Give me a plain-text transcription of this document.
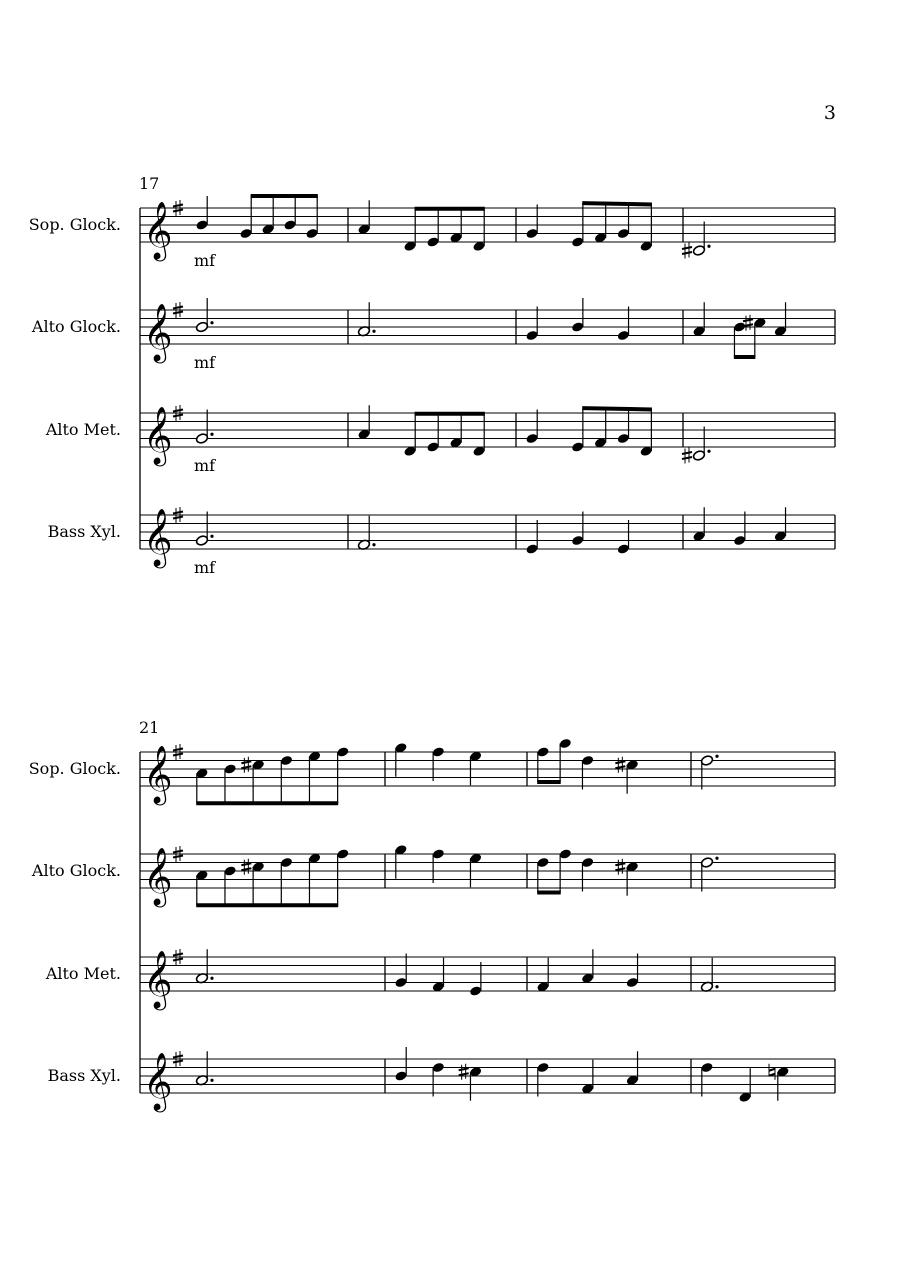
3
17
𝄞
Sop. Glock.
mf
𝄞
Alto Glock.
mf
𝄞
Alto Met.
mf
𝄞
Bass Xyl.
mf
21
𝄞
Sop. Glock.
𝄞
Alto Glock.
𝄞
Alto Met.
𝄞
Bass Xyl.
